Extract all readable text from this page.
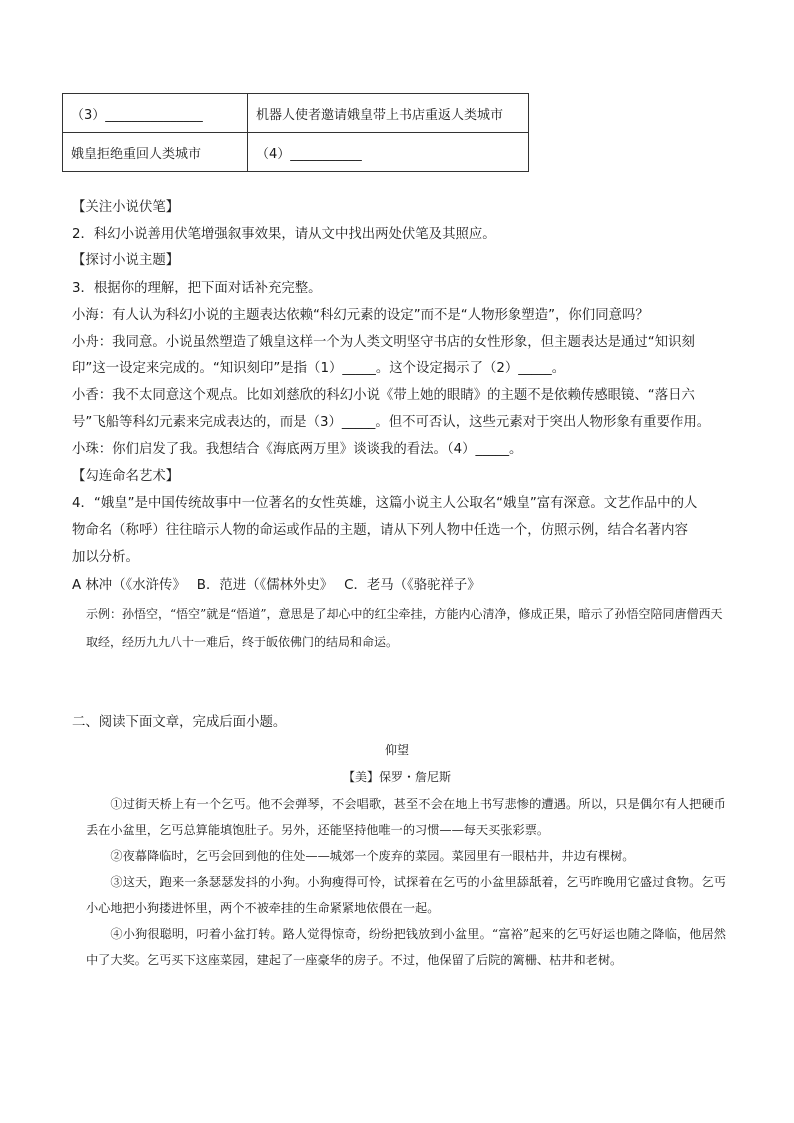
（3）_______________	机器人使者邀请娥皇带上书店重返人类城市
娥皇拒绝重回人类城市	（4）___________
【关注小说伏笔】
2．科幻小说善用伏笔增强叙事效果，请从文中找出两处伏笔及其照应。
【探讨小说主题】
3．根据你的理解，把下面对话补充完整。
小海：有人认为科幻小说的主题表达依赖“科幻元素的设定”而不是“人物形象塑造”，你们同意吗？
小舟：我同意。小说虽然塑造了娥皇这样一个为人类文明坚守书店的女性形象，但主题表达是通过“知识刻
印”这一设定来完成的。“知识刻印”是指（1）_____。这个设定揭示了（2）_____。
小香：我不太同意这个观点。比如刘慈欣的科幻小说《带上她的眼睛》的主题不是依赖传感眼镜、“落日六
号”飞船等科幻元素来完成表达的，而是（3）_____。但不可否认，这些元素对于突出人物形象有重要作用。
小珠：你们启发了我。我想结合《海底两万里》谈谈我的看法。（4）_____。
【勾连命名艺术】
4．“娥皇”是中国传统故事中一位著名的女性英雄，这篇小说主人公取名“娥皇”富有深意。文艺作品中的人
物命名（称呼）往往暗示人物的命运或作品的主题，请从下列人物中任选一个，仿照示例，结合名著内容
加以分析。
A 林冲（《水浒传》　 B．范进（《儒林外史》　 C．老马（《骆驼祥子》
示例：孙悟空，“悟空”就是“悟道”，意思是了却心中的红尘牵挂，方能内心清净，修成正果，暗示了孙悟空陪同唐僧西天取经，经历九九八十一难后，终于皈依佛门的结局和命运。
二、阅读下面文章，完成后面小题。
仰望
【美】保罗・詹尼斯
①过街天桥上有一个乞丐。他不会弹琴，不会唱歌，甚至不会在地上书写悲惨的遭遇。所以，只是偶尔有人把硬币丢在小盆里，乞丐总算能填饱肚子。另外，还能坚持他唯一的习惯——每天买张彩票。
②夜幕降临时，乞丐会回到他的住处——城郊一个废弃的菜园。菜园里有一眼枯井，井边有棵树。
③这天，跑来一条瑟瑟发抖的小狗。小狗瘦得可怜，试探着在乞丐的小盆里舔舐着，乞丐昨晚用它盛过食物。乞丐小心地把小狗搂进怀里，两个不被牵挂的生命紧紧地依偎在一起。
④小狗很聪明，叼着小盆打转。路人觉得惊奇，纷纷把钱放到小盆里。“富裕”起来的乞丐好运也随之降临，他居然中了大奖。乞丐买下这座菜园，建起了一座豪华的房子。不过，他保留了后院的篱栅、枯井和老树。
